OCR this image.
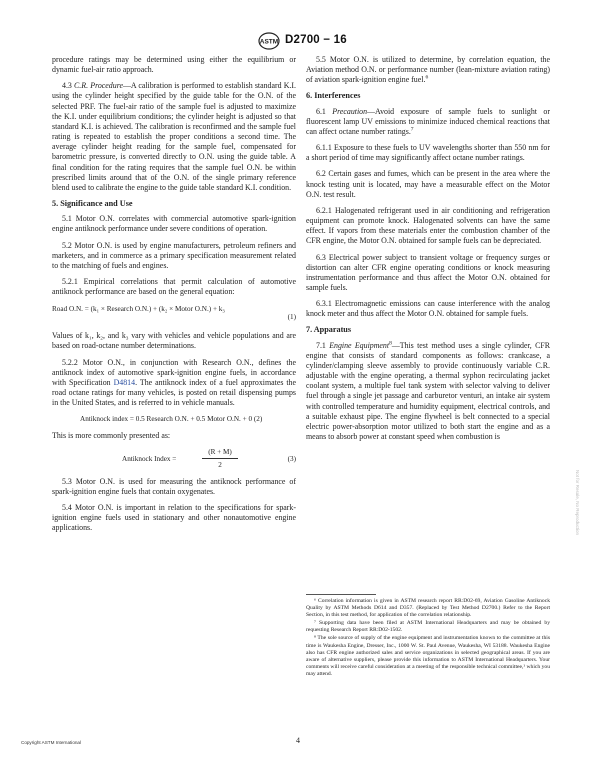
ASTM D2700 − 16

procedure ratings may be determined using either the equilibrium or dynamic fuel-air ratio approach.

4.3 C.R. Procedure—A calibration is performed to establish standard K.I. using the cylinder height specified by the guide table for the O.N. of the selected PRF. The fuel-air ratio of the sample fuel is adjusted to maximize the K.I. under equilibrium conditions; the cylinder height is adjusted so that standard K.I. is achieved. The calibration is reconfirmed and the sample fuel rating is repeated to establish the proper conditions a second time. The average cylinder height reading for the sample fuel, compensated for barometric pressure, is converted directly to O.N. using the guide table. A final condition for the rating requires that the sample fuel O.N. be within prescribed limits around that of the O.N. of the single primary reference blend used to calibrate the engine to the guide table standard K.I. condition.

5. Significance and Use

5.1 Motor O.N. correlates with commercial automotive spark-ignition engine antiknock performance under severe conditions of operation.

5.2 Motor O.N. is used by engine manufacturers, petroleum refiners and marketers, and in commerce as a primary specification measurement related to the matching of fuels and engines.

5.2.1 Empirical correlations that permit calculation of automotive antiknock performance are based on the general equation:

Road O.N. = (k₁ × Research O.N.) + (k₂ × Motor O.N.) + k₃
(1)

Values of k₁, k₂, and k₃ vary with vehicles and vehicle populations and are based on road-octane number determinations.

5.2.2 Motor O.N., in conjunction with Research O.N., defines the antiknock index of automotive spark-ignition engine fuels, in accordance with Specification D4814. The antiknock index of a fuel approximates the road octane ratings for many vehicles, is posted on retail dispensing pumps in the United States, and is referred to in vehicle manuals.

Antiknock index = 0.5 Research O.N. + 0.5 Motor O.N. + 0 (2)

This is more commonly presented as:

Antiknock Index =	$\frac{(R + M)}{2}$	(3)

5.3 Motor O.N. is used for measuring the antiknock performance of spark-ignition engine fuels that contain oxygenates.

5.4 Motor O.N. is important in relation to the specifications for spark-ignition engine fuels used in stationary and other nonautomotive engine applications.

5.5 Motor O.N. is utilized to determine, by correlation equation, the Aviation method O.N. or performance number (lean-mixture aviation rating) of aviation spark-ignition engine fuel.$^6$

6. Interferences

6.1 Precaution—Avoid exposure of sample fuels to sunlight or fluorescent lamp UV emissions to minimize induced chemical reactions that can affect octane number ratings.$^7$

6.1.1 Exposure to these fuels to UV wavelengths shorter than 550 nm for a short period of time may significantly affect octane number ratings.

6.2 Certain gases and fumes, which can be present in the area where the knock testing unit is located, may have a measurable effect on the Motor O.N. test result.

6.2.1 Halogenated refrigerant used in air conditioning and refrigeration equipment can promote knock. Halogenated solvents can have the same effect. If vapors from these materials enter the combustion chamber of the CFR engine, the Motor O.N. obtained for sample fuels can be depreciated.

6.3 Electrical power subject to transient voltage or frequency surges or distortion can alter CFR engine operating conditions or knock measuring instrumentation performance and thus affect the Motor O.N. obtained for sample fuels.

6.3.1 Electromagnetic emissions can cause interference with the analog knock meter and thus affect the Motor O.N. obtained for sample fuels.

7. Apparatus

7.1 Engine Equipment$^8$—This test method uses a single cylinder, CFR engine that consists of standard components as follows: crankcase, a cylinder/clamping sleeve assembly to provide continuously variable C.R. adjustable with the engine operating, a thermal syphon recirculating jacket coolant system, a multiple fuel tank system with selector valving to deliver fuel through a single jet passage and carburetor venturi, an intake air system with controlled temperature and humidity equipment, electrical controls, and a suitable exhaust pipe. The engine flywheel is belt connected to a special electric power-absorption motor utilized to both start the engine and as a means to absorb power at constant speed when combustion is

⁶ Correlation information is given in ASTM research report RR:D02-69, Aviation Gasoline Antiknock Quality by ASTM Methods D614 and D357. (Replaced by Test Method D2700.) Refer to the Report Section, in this test method, for application of the correlation relationship.

⁷ Supporting data have been filed at ASTM International Headquarters and may be obtained by requesting Research Report RR:D02-1502.

⁸ The sole source of supply of the engine equipment and instrumentation known to the committee at this time is Waukesha Engine, Dresser, Inc., 1000 W. St. Paul Avenue, Waukesha, WI 53188. Waukesha Engine also has CFR engine authorized sales and service organizations in selected geographical areas. If you are aware of alternative suppliers, please provide this information to ASTM International Headquarters. Your comments will receive careful consideration at a meeting of the responsible technical committee,¹ which you may attend.

Copyright ASTM International	4
Not for Resale, No Reproduction
